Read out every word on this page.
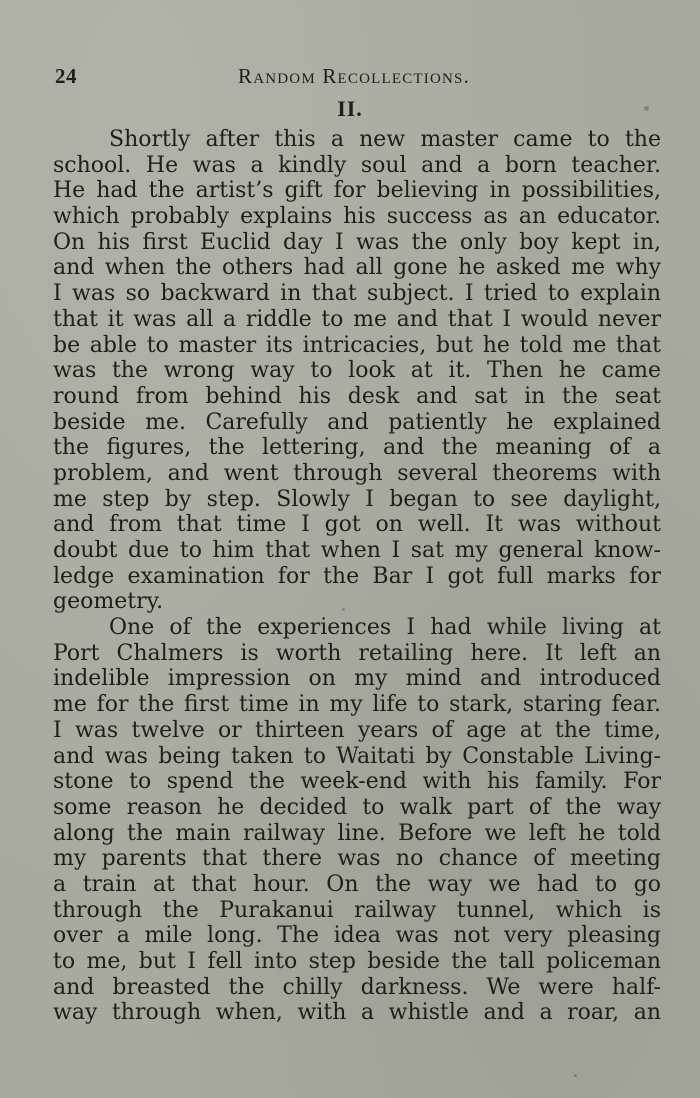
24	Random Recollections.
II.
Shortly after this a new master came to the
school. He was a kindly soul and a born teacher.
He had the artist’s gift for believing in possibilities,
which probably explains his success as an educator.
On his first Euclid day I was the only boy kept in,
and when the others had all gone he asked me why
I was so backward in that subject. I tried to explain
that it was all a riddle to me and that I would never
be able to master its intricacies, but he told me that
was the wrong way to look at it. Then he came
round from behind his desk and sat in the seat
beside me. Carefully and patiently he explained
the figures, the lettering, and the meaning of a
problem, and went through several theorems with
me step by step. Slowly I began to see daylight,
and from that time I got on well. It was without
doubt due to him that when I sat my general know-
ledge examination for the Bar I got full marks for
geometry.
One of the experiences I had while living at
Port Chalmers is worth retailing here. It left an
indelible impression on my mind and introduced
me for the first time in my life to stark, staring fear.
I was twelve or thirteen years of age at the time,
and was being taken to Waitati by Constable Living-
stone to spend the week-end with his family. For
some reason he decided to walk part of the way
along the main railway line. Before we left he told
my parents that there was no chance of meeting
a train at that hour. On the way we had to go
through the Purakanui railway tunnel, which is
over a mile long. The idea was not very pleasing
to me, but I fell into step beside the tall policeman
and breasted the chilly darkness. We were half-
way through when, with a whistle and a roar, an
